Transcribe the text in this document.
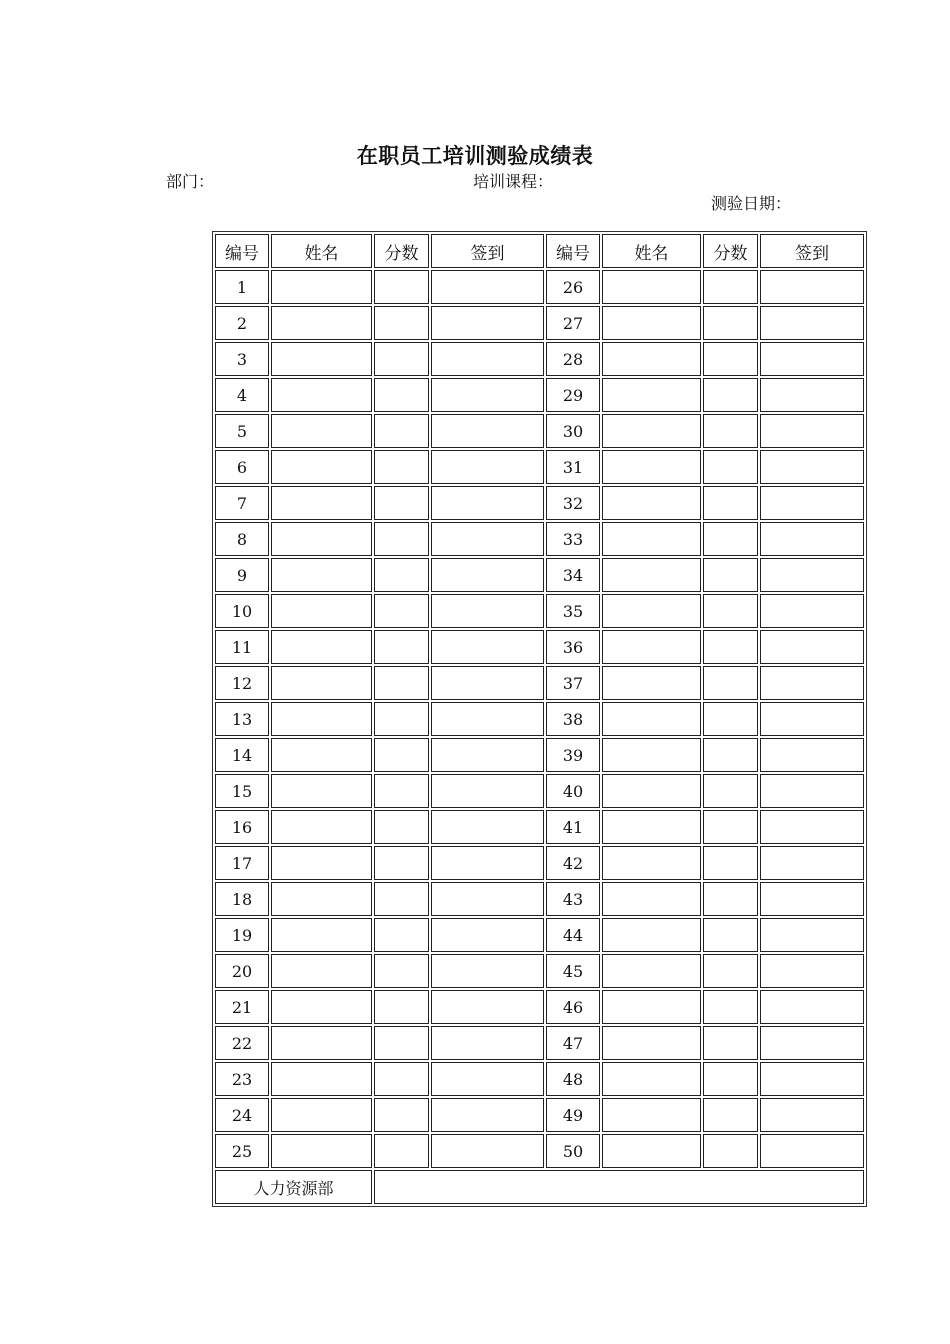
在职员工培训测验成绩表
部门：	培训课程：
测验日期：
编号	姓名	分数	签到	编号	姓名	分数	签到
1				26			
2				27			
3				28			
4				29			
5				30			
6				31			
7				32			
8				33			
9				34			
10				35			
11				36			
12				37			
13				38			
14				39			
15				40			
16				41			
17				42			
18				43			
19				44			
20				45			
21				46			
22				47			
23				48			
24				49			
25				50			
人力资源部							
